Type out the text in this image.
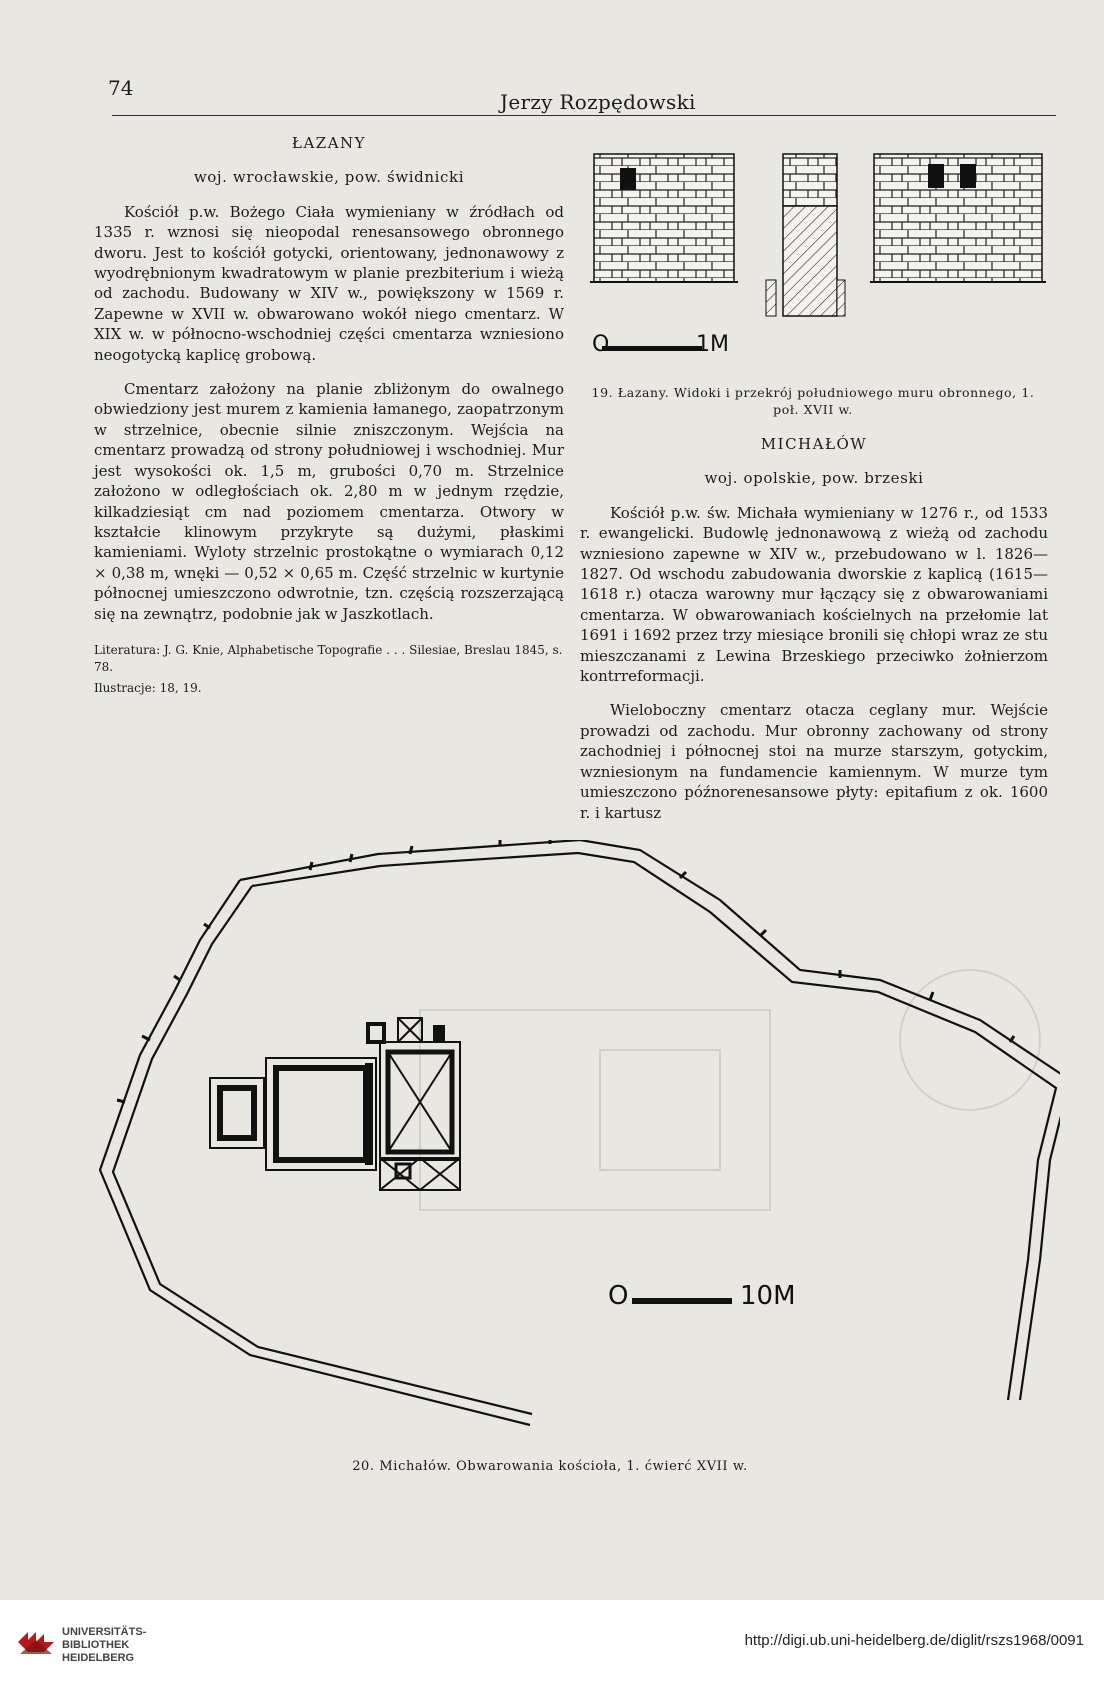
74
Jerzy Rozpędowski

ŁAZANY

woj. wrocławskie, pow. świdnicki

Kościół p.w. Bożego Ciała wymieniany w źródłach od 1335 r. wznosi się nieopodal renesansowego obronnego dworu. Jest to kościół gotycki, orientowany, jednonawowy z wyodrębnionym kwadratowym w planie prezbiterium i wieżą od zachodu. Budowany w XIV w., powiększony w 1569 r. Zapewne w XVII w. obwarowano wokół niego cmentarz. W XIX w. w północno-wschodniej części cmentarza wzniesiono neogotycką kaplicę grobową.

Cmentarz założony na planie zbliżonym do owalnego obwiedziony jest murem z kamienia łamanego, zaopatrzonym w strzelnice, obecnie silnie zniszczonym. Wejścia na cmentarz prowadzą od strony południowej i wschodniej. Mur jest wysokości ok. 1,5 m, grubości 0,70 m. Strzelnice założono w odległościach ok. 2,80 m w jednym rzędzie, kilkadziesiąt cm nad poziomem cmentarza. Otwory w kształcie klinowym przykryte są dużymi, płaskimi kamieniami. Wyloty strzelnic prostokątne o wymiarach 0,12 × 0,38 m, wnęki — 0,52 × 0,65 m. Część strzelnic w kurtynie północnej umieszczono odwrotnie, tzn. częścią rozszerzającą się na zewnątrz, podobnie jak w Jaszkotlach.

Literatura: J. G. Knie, Alphabetische Topografie . . . Silesiae, Breslau 1845, s. 78.

Ilustracje: 18, 19.

O	1M
19. Łazany. Widoki i przekrój południowego muru obronnego, 1. poł. XVII w.

MICHAŁÓW

woj. opolskie, pow. brzeski

Kościół p.w. św. Michała wymieniany w 1276 r., od 1533 r. ewangelicki. Budowlę jednonawową z wieżą od zachodu wzniesiono zapewne w XIV w., przebudowano w l. 1826—1827. Od wschodu zabudowania dworskie z kaplicą (1615—1618 r.) otacza warowny mur łączący się z obwarowaniami cmentarza. W obwarowaniach kościelnych na przełomie lat 1691 i 1692 przez trzy miesiące bronili się chłopi wraz ze stu mieszczanami z Lewina Brzeskiego przeciwko żołnierzom kontrreformacji.

Wieloboczny cmentarz otacza ceglany mur. Wejście prowadzi od zachodu. Mur obronny zachowany od strony zachodniej i północnej stoi na murze starszym, gotyckim, wzniesionym na fundamencie kamiennym. W murze tym umieszczono późnorenesansowe płyty: epitafium z ok. 1600 r. i kartusz

O	10M
20. Michałów. Obwarowania kościoła, 1. ćwierć XVII w.
UNIVERSITÄTS-
BIBLIOTHEK
HEIDELBERG
http://digi.ub.uni-heidelberg.de/diglit/rszs1968/0091
